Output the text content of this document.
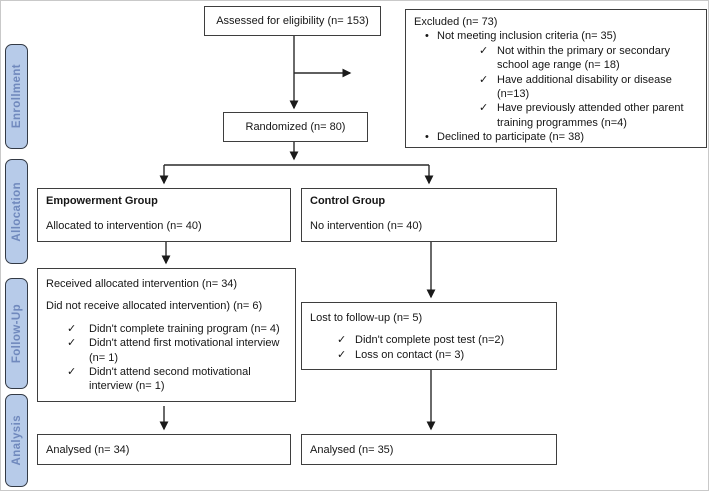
Enrollment
Allocation
Follow-Up
Analysis
Assessed for eligibility (n= 153)	Excluded (n= 73)
• Not meeting inclusion criteria (n= 35)
✓ Not within the primary or secondary school age range (n= 18)
✓ Have additional disability or disease (n=13)
✓ Have previously attended other parent training programmes (n=4)
• Declined to participate (n= 38)
Randomized (n= 80)
Empowerment Group
Allocated to intervention (n= 40)
Control Group
No intervention (n= 40)
Received allocated intervention (n= 34)
Did not receive allocated intervention) (n= 6)
✓	Didn't complete training program (n= 4)
✓	Didn't attend first motivational interview (n= 1)
✓	Didn't attend second motivational interview (n= 1)
Lost to follow-up (n= 5)
✓ Didn't complete post test (n=2)
✓ Loss on contact (n= 3)
Analysed (n= 34)	Analysed (n= 35)
